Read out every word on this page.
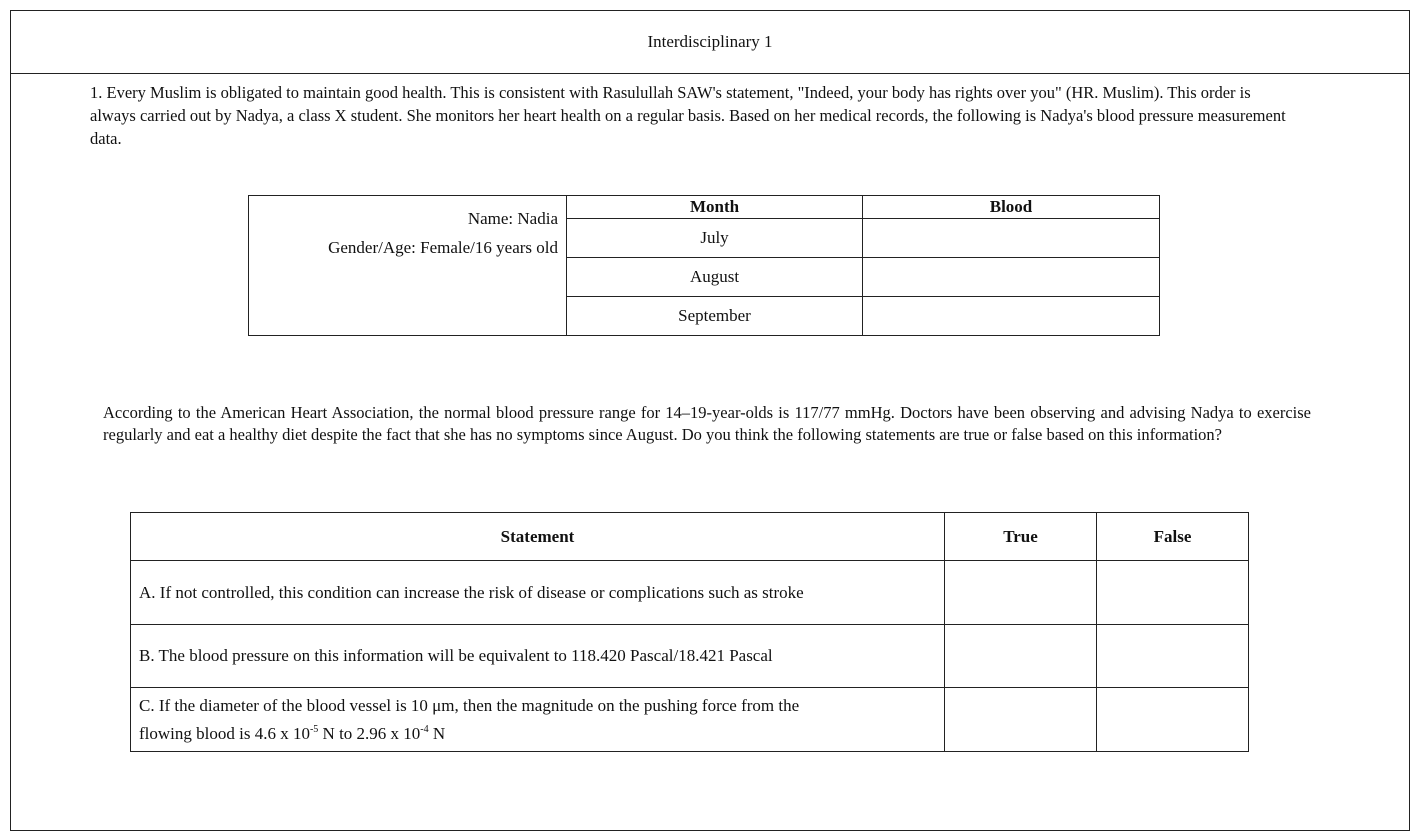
Interdisciplinary 1
1. Every Muslim is obligated to maintain good health. This is consistent with Rasulullah SAW's statement, "Indeed, your body has rights over you" (HR. Muslim). This order is always carried out by Nadya, a class X student. She monitors her heart health on a regular basis. Based on her medical records, the following is Nadya's blood pressure measurement data.
Name: Nadia
Gender/Age: Female/16 years old	Month	Blood
	July	
	August	
	September	
According to the American Heart Association, the normal blood pressure range for 14–19-year-olds is 117/77 mmHg. Doctors have been observing and advising Nadya to exercise regularly and eat a healthy diet despite the fact that she has no symptoms since August. Do you think the following statements are true or false based on this information?
Statement	True	False
A. If not controlled, this condition can increase the risk of disease or complications such as stroke		
B. The blood pressure on this information will be equivalent to 118.420 Pascal/18.421 Pascal		

C. If the diameter of the blood vessel is 10 μm, then the magnitude on the pushing force from the
flowing blood is 4.6 x $10^{-5}$ N to 2.96 x $10^{-4}$ N		
